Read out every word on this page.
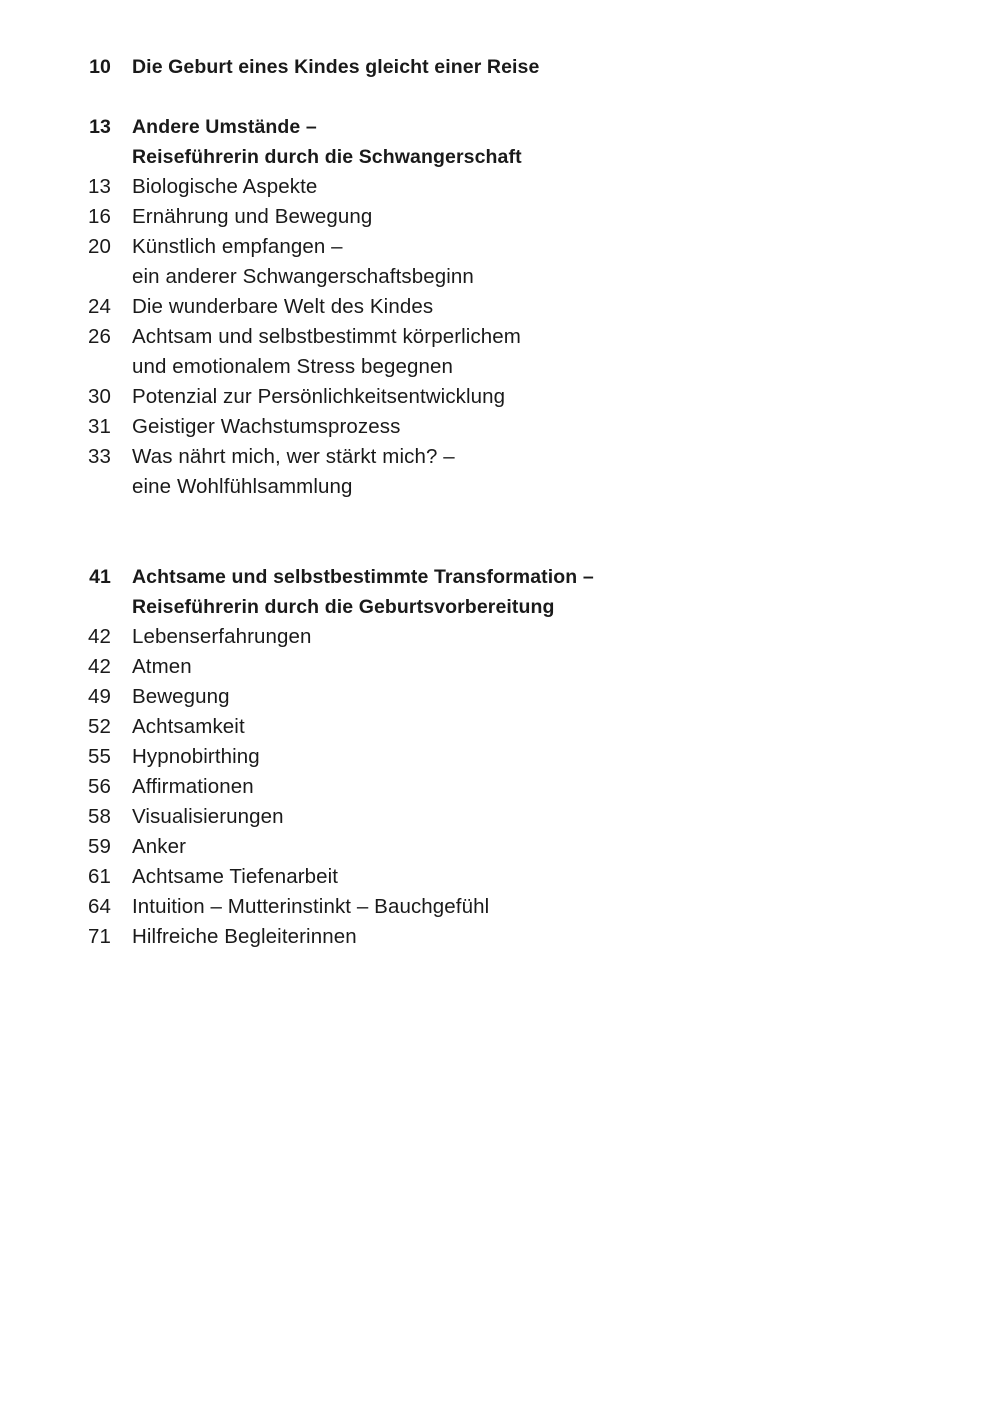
10 Die Geburt eines Kindes gleicht einer Reise
13 Andere Umstände –
Reiseführerin durch die Schwangerschaft
13 Biologische Aspekte
16 Ernährung und Bewegung
20 Künstlich empfangen –
ein anderer Schwangerschaftsbeginn
24 Die wunderbare Welt des Kindes
26 Achtsam und selbstbestimmt körperlichem
und emotionalem Stress begegnen
30 Potenzial zur Persönlichkeitsentwicklung
31 Geistiger Wachstumsprozess
33 Was nährt mich, wer stärkt mich? –
eine Wohlfühlsammlung
41 Achtsame und selbstbestimmte Transformation –
Reiseführerin durch die Geburtsvorbereitung
42 Lebenserfahrungen
42 Atmen
49 Bewegung
52 Achtsamkeit
55 Hypnobirthing
56 Affirmationen
58 Visualisierungen
59 Anker
61 Achtsame Tiefenarbeit
64 Intuition – Mutterinstinkt – Bauchgefühl
71 Hilfreiche Begleiterinnen
